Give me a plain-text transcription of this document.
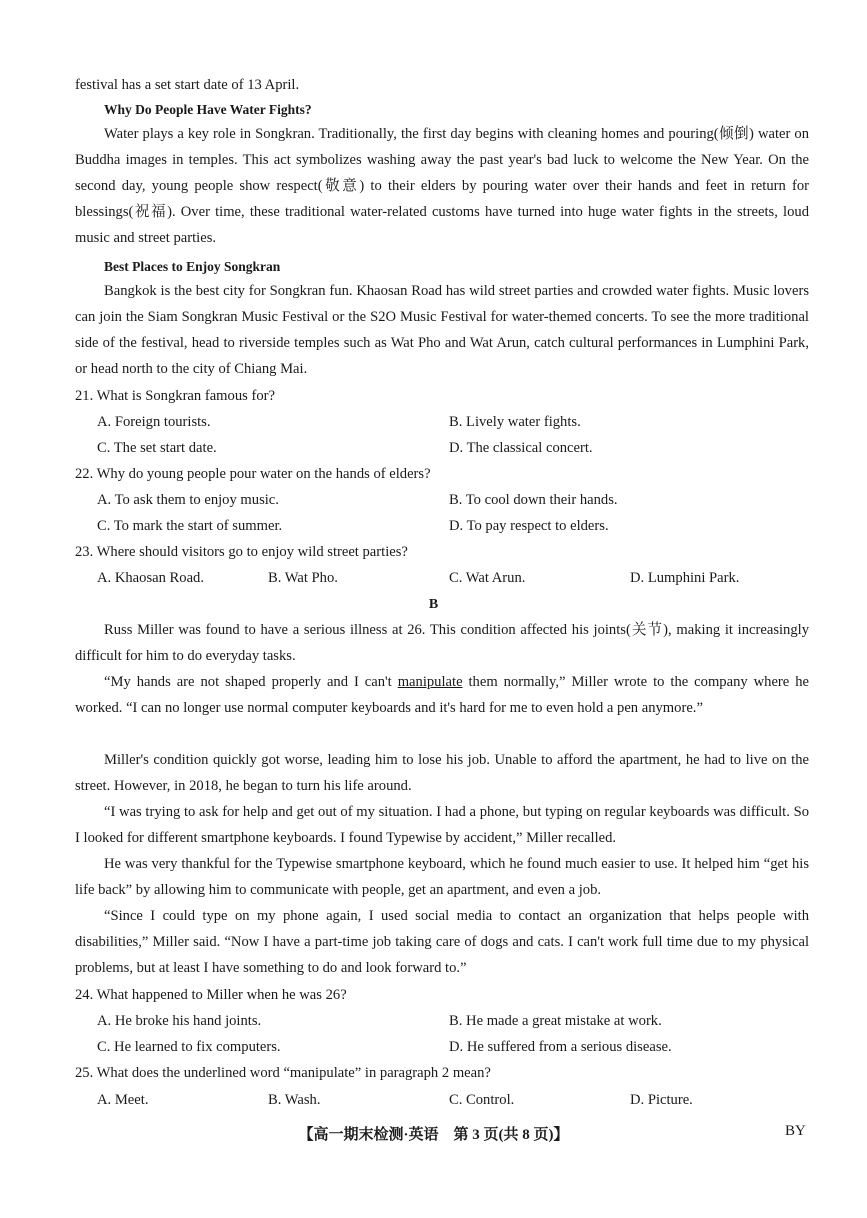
festival has a set start date of 13 April.
Why Do People Have Water Fights?
Water plays a key role in Songkran. Traditionally, the first day begins with cleaning homes and pouring(倾倒) water on Buddha images in temples. This act symbolizes washing away the past year's bad luck to welcome the New Year. On the second day, young people show respect(敬意) to their elders by pouring water over their hands and feet in return for blessings(祝福). Over time, these traditional water-related customs have turned into huge water fights in the streets, loud music and street parties.
Best Places to Enjoy Songkran
Bangkok is the best city for Songkran fun. Khaosan Road has wild street parties and crowded water fights. Music lovers can join the Siam Songkran Music Festival or the S2O Music Festival for water-themed concerts. To see the more traditional side of the festival, head to riverside temples such as Wat Pho and Wat Arun, catch cultural performances in Lumphini Park, or head north to the city of Chiang Mai.
21. What is Songkran famous for?
A. Foreign tourists.	B. Lively water fights.
C. The set start date.	D. The classical concert.
22. Why do young people pour water on the hands of elders?
A. To ask them to enjoy music.	B. To cool down their hands.
C. To mark the start of summer.	D. To pay respect to elders.
23. Where should visitors go to enjoy wild street parties?
A. Khaosan Road.	B. Wat Pho.	C. Wat Arun.	D. Lumphini Park.
B
Russ Miller was found to have a serious illness at 26. This condition affected his joints(关节), making it increasingly difficult for him to do everyday tasks.
“My hands are not shaped properly and I can't manipulate them normally,” Miller wrote to the company where he worked. “I can no longer use normal computer keyboards and it's hard for me to even hold a pen anymore.”
Miller's condition quickly got worse, leading him to lose his job. Unable to afford the apartment, he had to live on the street. However, in 2018, he began to turn his life around.
“I was trying to ask for help and get out of my situation. I had a phone, but typing on regular keyboards was difficult. So I looked for different smartphone keyboards. I found Typewise by accident,” Miller recalled.
He was very thankful for the Typewise smartphone keyboard, which he found much easier to use. It helped him “get his life back” by allowing him to communicate with people, get an apartment, and even a job.
“Since I could type on my phone again, I used social media to contact an organization that helps people with disabilities,” Miller said. “Now I have a part-time job taking care of dogs and cats. I can't work full time due to my physical problems, but at least I have something to do and look forward to.”
24. What happened to Miller when he was 26?
A. He broke his hand joints.	B. He made a great mistake at work.
C. He learned to fix computers.	D. He suffered from a serious disease.
25. What does the underlined word “manipulate” in paragraph 2 mean?
A. Meet.	B. Wash.	C. Control.	D. Picture.
【高一期末检测·英语　第 3 页(共 8 页)】	BY
